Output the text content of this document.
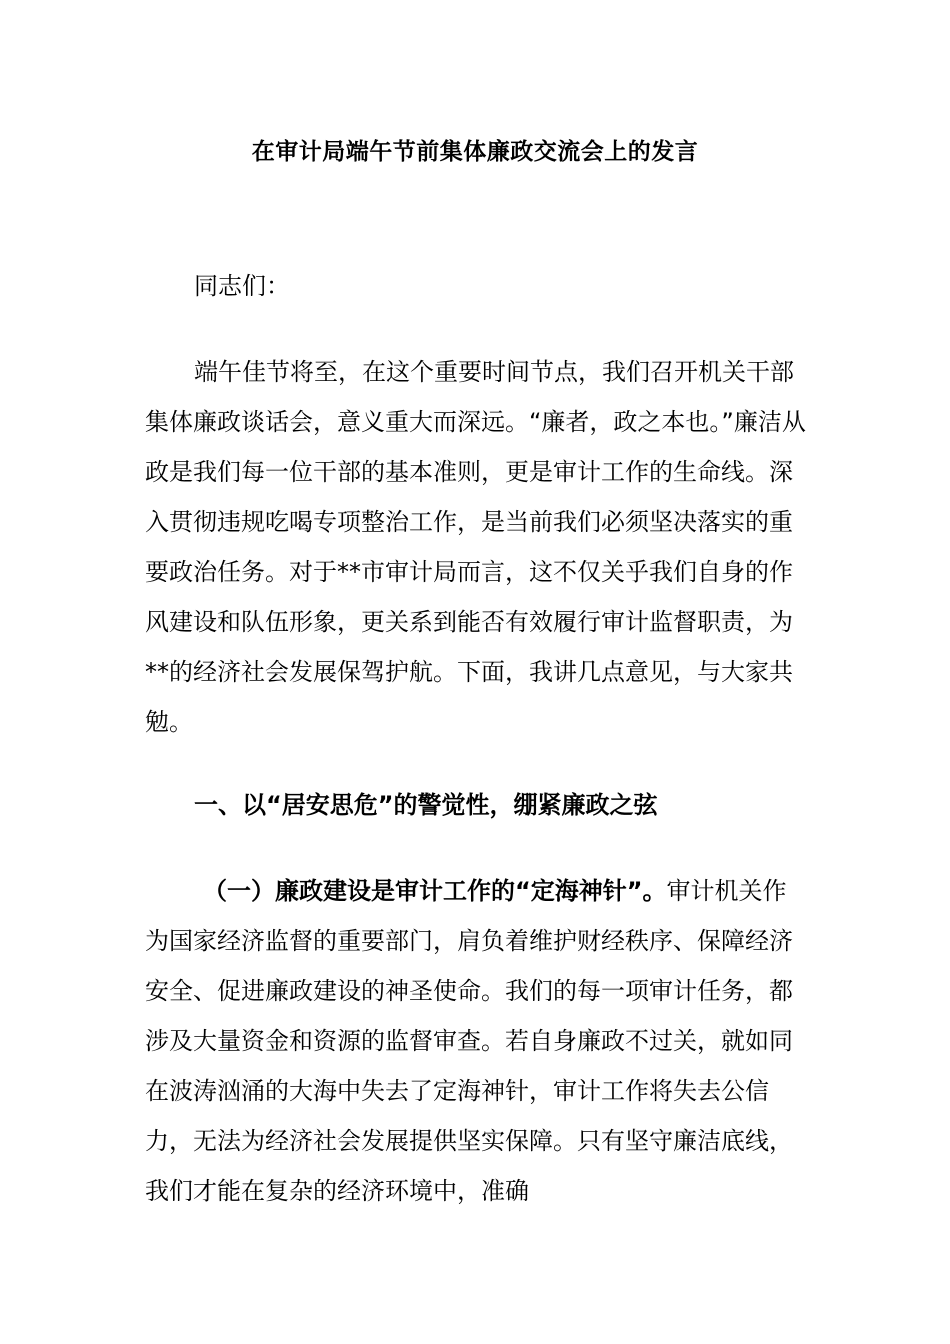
在审计局端午节前集体廉政交流会上的发言

同志们：

端午佳节将至，在这个重要时间节点，我们召开机关干部集体廉政谈话会，意义重大而深远。“廉者，政之本也。”廉洁从政是我们每一位干部的基本准则，更是审计工作的生命线。深入贯彻违规吃喝专项整治工作，是当前我们必须坚决落实的重要政治任务。对于**市审计局而言，这不仅关乎我们自身的作风建设和队伍形象，更关系到能否有效履行审计监督职责，为**的经济社会发展保驾护航。下面，我讲几点意见，与大家共勉。

一、以“居安思危”的警觉性，绷紧廉政之弦

（一）廉政建设是审计工作的“定海神针”。审计机关作为国家经济监督的重要部门，肩负着维护财经秩序、保障经济安全、促进廉政建设的神圣使命。我们的每一项审计任务，都涉及大量资金和资源的监督审查。若自身廉政不过关，就如同在波涛汹涌的大海中失去了定海神针，审计工作将失去公信力，无法为经济社会发展提供坚实保障。只有坚守廉洁底线，我们才能在复杂的经济环境中，准确
